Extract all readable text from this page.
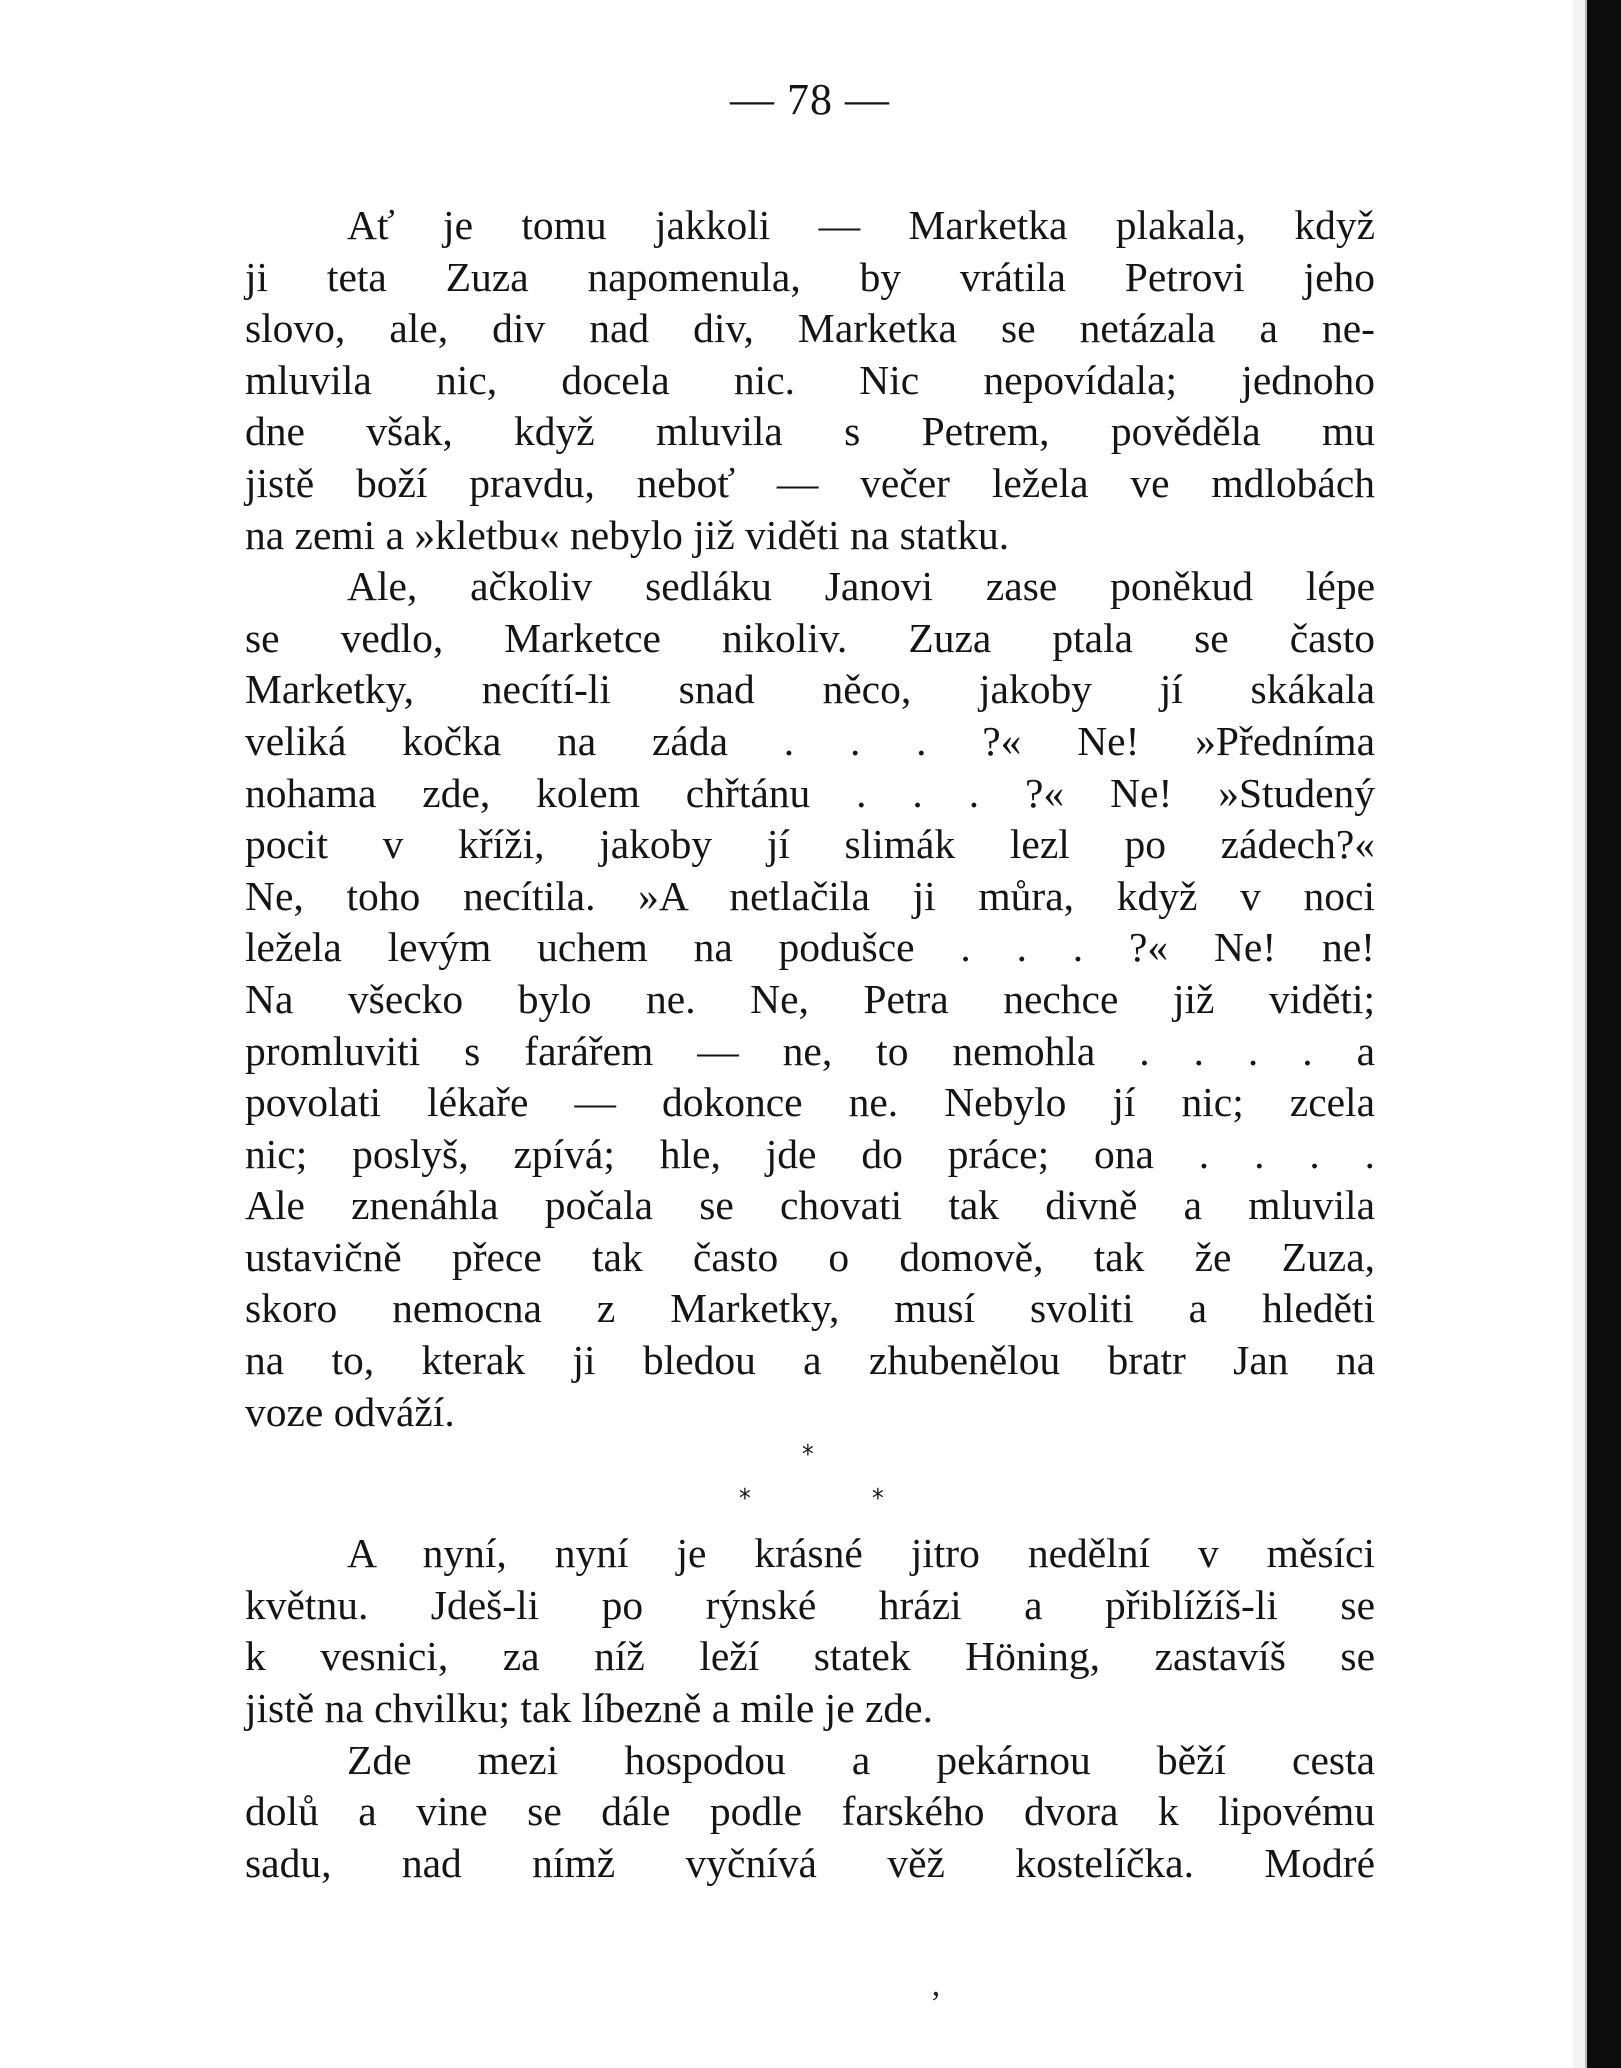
— 78 —
Ať je tomu jakkoli — Marketka plakala, když
ji teta Zuza napomenula, by vrátila Petrovi jeho
slovo, ale, div nad div, Marketka se netázala a ne-
mluvila nic, docela nic. Nic nepovídala; jednoho
dne však, když mluvila s Petrem, pověděla mu
jistě boží pravdu, neboť — večer ležela ve mdlobách
na zemi a »kletbu« nebylo již viděti na statku.
Ale, ačkoliv sedláku Janovi zase poněkud lépe
se vedlo, Marketce nikoliv. Zuza ptala se často
Marketky, necítí-li snad něco, jakoby jí skákala
veliká kočka na záda . . . ?« Ne! »Předníma
nohama zde, kolem chřtánu . . . ?« Ne! »Studený
pocit v kříži, jakoby jí slimák lezl po zádech?«
Ne, toho necítila. »A netlačila ji můra, když v noci
ležela levým uchem na podušce . . . ?« Ne! ne!
Na všecko bylo ne. Ne, Petra nechce již viděti;
promluviti s farářem — ne, to nemohla . . . . a
povolati lékaře — dokonce ne. Nebylo jí nic; zcela
nic; poslyš, zpívá; hle, jde do práce; ona . . . .
Ale znenáhla počala se chovati tak divně a mluvila
ustavičně přece tak často o domově, tak že Zuza,
skoro nemocna z Marketky, musí svoliti a hleděti
na to, kterak ji bledou a zhubenělou bratr Jan na
voze odváží.
*
*	*
A nyní, nyní je krásné jitro nedělní v měsíci
květnu. Jdeš-li po rýnské hrázi a přiblížíš-li se
k vesnici, za níž leží statek Höning, zastavíš se
jistě na chvilku; tak líbezně a mile je zde.
Zde mezi hospodou a pekárnou běží cesta
dolů a vine se dále podle farského dvora k lipovému
sadu, nad nímž vyčnívá věž kostelíčka. Modré
’
